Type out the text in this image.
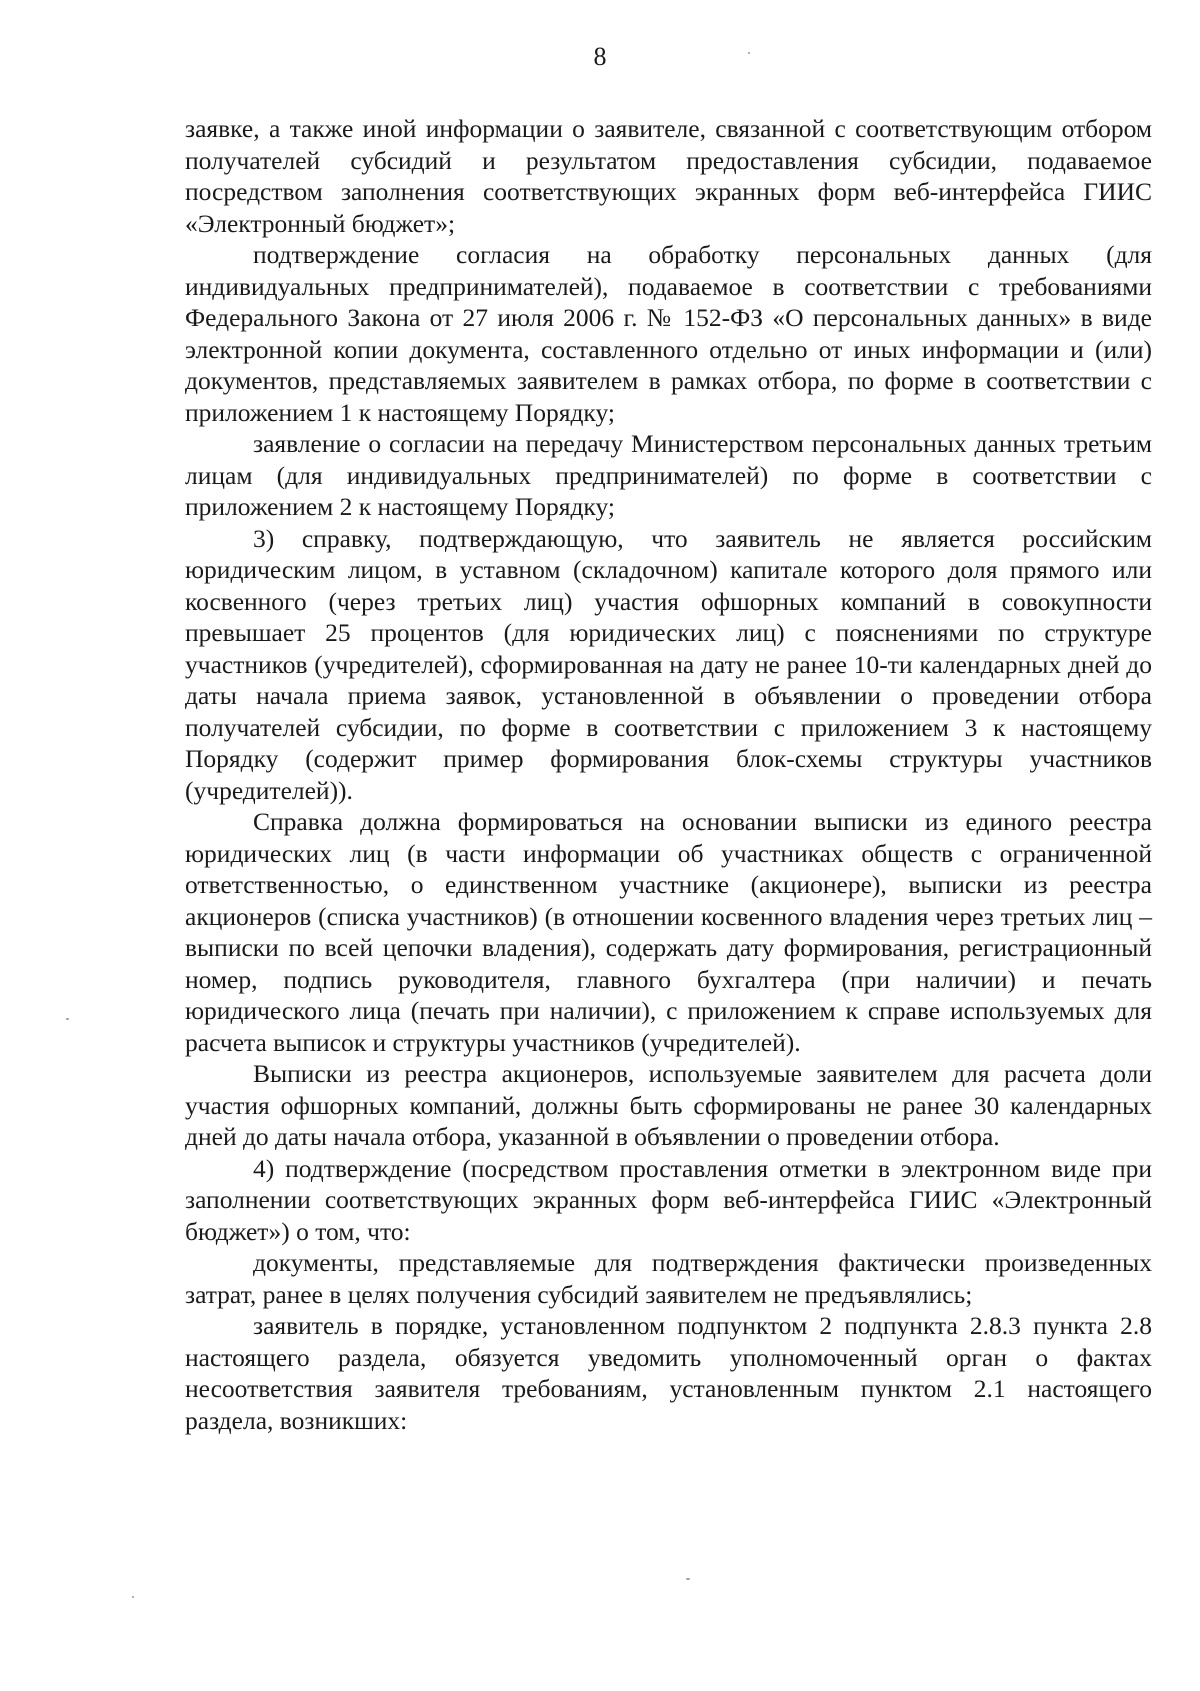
8

заявке, а также иной информации о заявителе, связанной с соответствующим отбором получателей субсидий и результатом предоставления субсидии, подаваемое посредством заполнения соответствующих экранных форм веб-интерфейса ГИИС «Электронный бюджет»;

подтверждение согласия на обработку персональных данных (для индивидуальных предпринимателей), подаваемое в соответствии с требованиями Федерального Закона от 27 июля 2006 г. № 152-ФЗ «О персональных данных» в виде электронной копии документа, составленного отдельно от иных информации и (или) документов, представляемых заявителем в рамках отбора, по форме в соответствии с приложением 1 к настоящему Порядку;

заявление о согласии на передачу Министерством персональных данных третьим лицам (для индивидуальных предпринимателей) по форме в соответствии с приложением 2 к настоящему Порядку;

3) справку, подтверждающую, что заявитель не является российским юридическим лицом, в уставном (складочном) капитале которого доля прямого или косвенного (через третьих лиц) участия офшорных компаний в совокупности превышает 25 процентов (для юридических лиц) с пояснениями по структуре участников (учредителей), сформированная на дату не ранее 10-ти календарных дней до даты начала приема заявок, установленной в объявлении о проведении отбора получателей субсидии, по форме в соответствии с приложением 3 к настоящему Порядку (содержит пример формирования блок-схемы структуры участников (учредителей)).

Справка должна формироваться на основании выписки из единого реестра юридических лиц (в части информации об участниках обществ с ограниченной ответственностью, о единственном участнике (акционере), выписки из реестра акционеров (списка участников) (в отношении косвенного владения через третьих лиц – выписки по всей цепочки владения), содержать дату формирования, регистрационный номер, подпись руководителя, главного бухгалтера (при наличии) и печать юридического лица (печать при наличии), с приложением к справе используемых для расчета выписок и структуры участников (учредителей).

Выписки из реестра акционеров, используемые заявителем для расчета доли участия офшорных компаний, должны быть сформированы не ранее 30 календарных дней до даты начала отбора, указанной в объявлении о проведении отбора.

4) подтверждение (посредством проставления отметки в электронном виде при заполнении соответствующих экранных форм веб-интерфейса ГИИС «Электронный бюджет») о том, что:

документы, представляемые для подтверждения фактически произведенных затрат, ранее в целях получения субсидий заявителем не предъявлялись;

заявитель в порядке, установленном подпунктом 2 подпункта 2.8.3 пункта 2.8 настоящего раздела, обязуется уведомить уполномоченный орган о фактах несоответствия заявителя требованиям, установленным пунктом 2.1 настоящего раздела, возникших:
